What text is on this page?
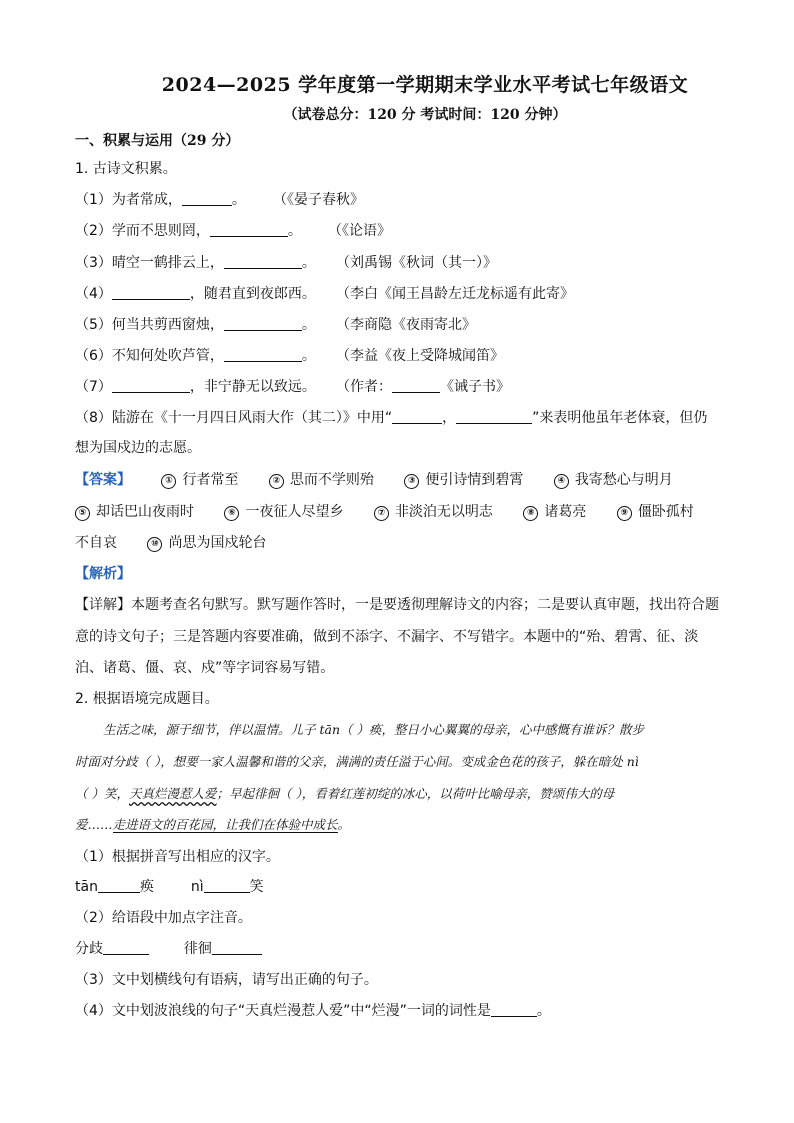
2024—2025 学年度第一学期期末学业水平考试七年级语文
（试卷总分：120 分 考试时间：120 分钟）
一、积累与运用（29 分）
1. 古诗文积累。
（1）为者常成，	。 （《晏子春秋》
（2）学而不思则罔，	。 （《论语》
（3）晴空一鹤排云上，	。 （刘禹锡《秋词（其一）》
（4）	，随君直到夜郎西。 （李白《闻王昌龄左迁龙标遥有此寄》
（5）何当共剪西窗烛，	。 （李商隐《夜雨寄北》
（6）不知何处吹芦管，	。 （李益《夜上受降城闻笛》
（7）	，非宁静无以致远。 （作者：	《诫子书》
（8）陆游在《十一月四日风雨大作（其二）》中用“	，	”来表明他虽年老体衰，但仍
想为国戍边的志愿。
【答案】	① 行者常至	② 思而不学则殆	③ 便引诗情到碧霄	④ 我寄愁心与明月
⑤ 却话巴山夜雨时	⑥ 一夜征人尽望乡	⑦ 非淡泊无以明志	⑧ 诸葛亮	⑨ 僵卧孤村
不自哀	⑩ 尚思为国戍轮台
【解析】
【详解】本题考查名句默写。默写题作答时，一是要透彻理解诗文的内容；二是要认真审题，找出符合题
意的诗文句子；三是答题内容要准确，做到不添字、不漏字、不写错字。本题中的“殆、碧霄、征、淡
泊、诸葛、僵、哀、戍”等字词容易写错。
2. 根据语境完成题目。
生活之味，源于细节，伴以温情。儿子 tān（ ）痪，整日小心翼翼的母亲，心中感慨有谁诉？散步
时面对分歧（ ），想要一家人温馨和谐的父亲，满满的责任溢于心间。变成金色花的孩子，躲在暗处 nì
（ ）笑，天真烂漫惹人爱；早起徘徊（ ），看着红莲初绽的冰心，以荷叶比喻母亲，赞颂伟大的母
爱……走进语文的百花园，让我们在体验中成长。
（1）根据拼音写出相应的汉字。
tān	痪	nì	笑
（2）给语段中加点字注音。
分歧	徘徊
（3）文中划横线句有语病，请写出正确的句子。
（4）文中划波浪线的句子“天真烂漫惹人爱”中“烂漫”一词的词性是	。
